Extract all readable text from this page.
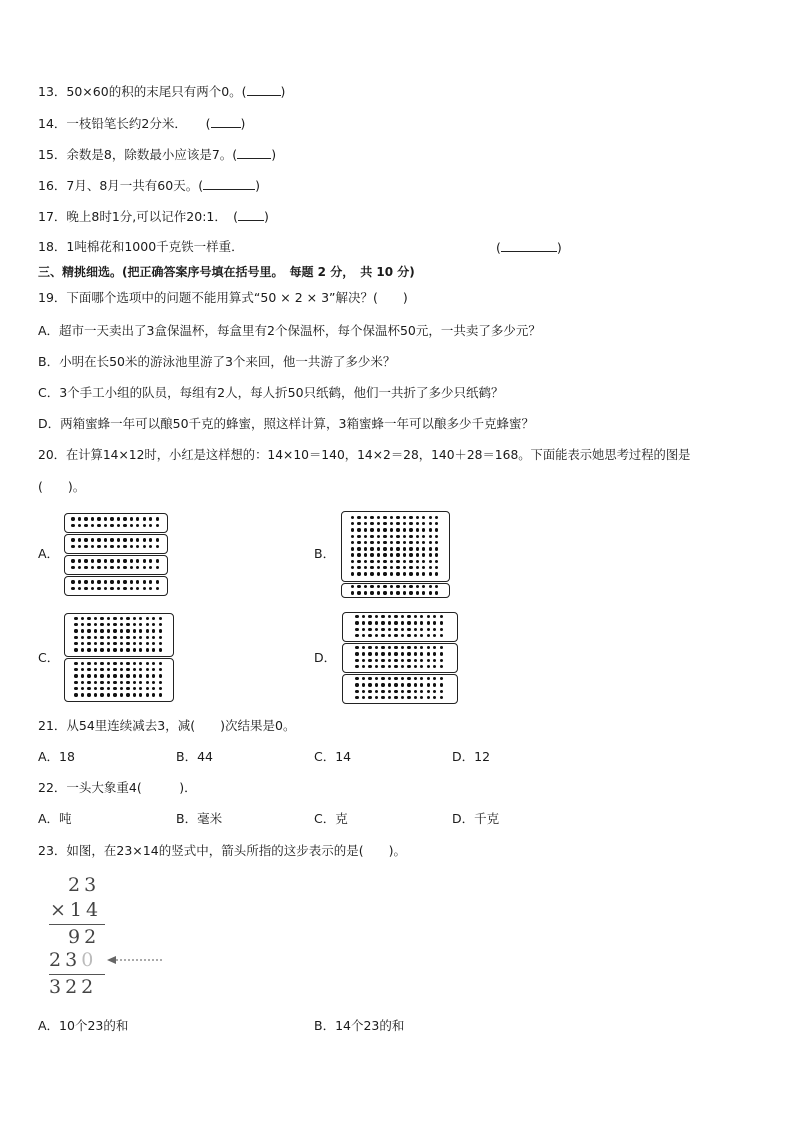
13．50×60的积的末尾只有两个0。(	)
14．一枝铅笔长约2分米．　　( )
15．余数是8，除数最小应该是7。(	)
16．7月、8月一共有60天。(	)
17．晚上8时1分,可以记作20:1．　( )
18．1吨棉花和1000千克铁一样重．	(	)
三、精挑细选。(把正确答案序号填在括号里。　每题 2 分，　共 10 分)
19．下面哪个选项中的问题不能用算式“50 × 2 × 3”解决？(　　)
A．超市一天卖出了3盒保温杯，每盒里有2个保温杯，每个保温杯50元，一共卖了多少元？
B．小明在长50米的游泳池里游了3个来回，他一共游了多少米？
C．3个手工小组的队员，每组有2人，每人折50只纸鹤，他们一共折了多少只纸鹤？
D．两箱蜜蜂一年可以酿50千克的蜂蜜，照这样计算，3箱蜜蜂一年可以酿多少千克蜂蜜？
20．在计算14×12时，小红是这样想的：14×10＝140，14×2＝28，140＋28＝168。下面能表示她思考过程的图是
(　　)。
A．	B．
C．	D．
21．从54里连续减去3，减(　　)次结果是0。
A．18	B．44	C．14	D．12
22．一头大象重4(　　　)．
A．吨	B．毫米	C．克	D．千克
23．如图，在23×14的竖式中，箭头所指的这步表示的是(　　)。
23
×14
92
230
322
A．10个23的和	B．14个23的和
